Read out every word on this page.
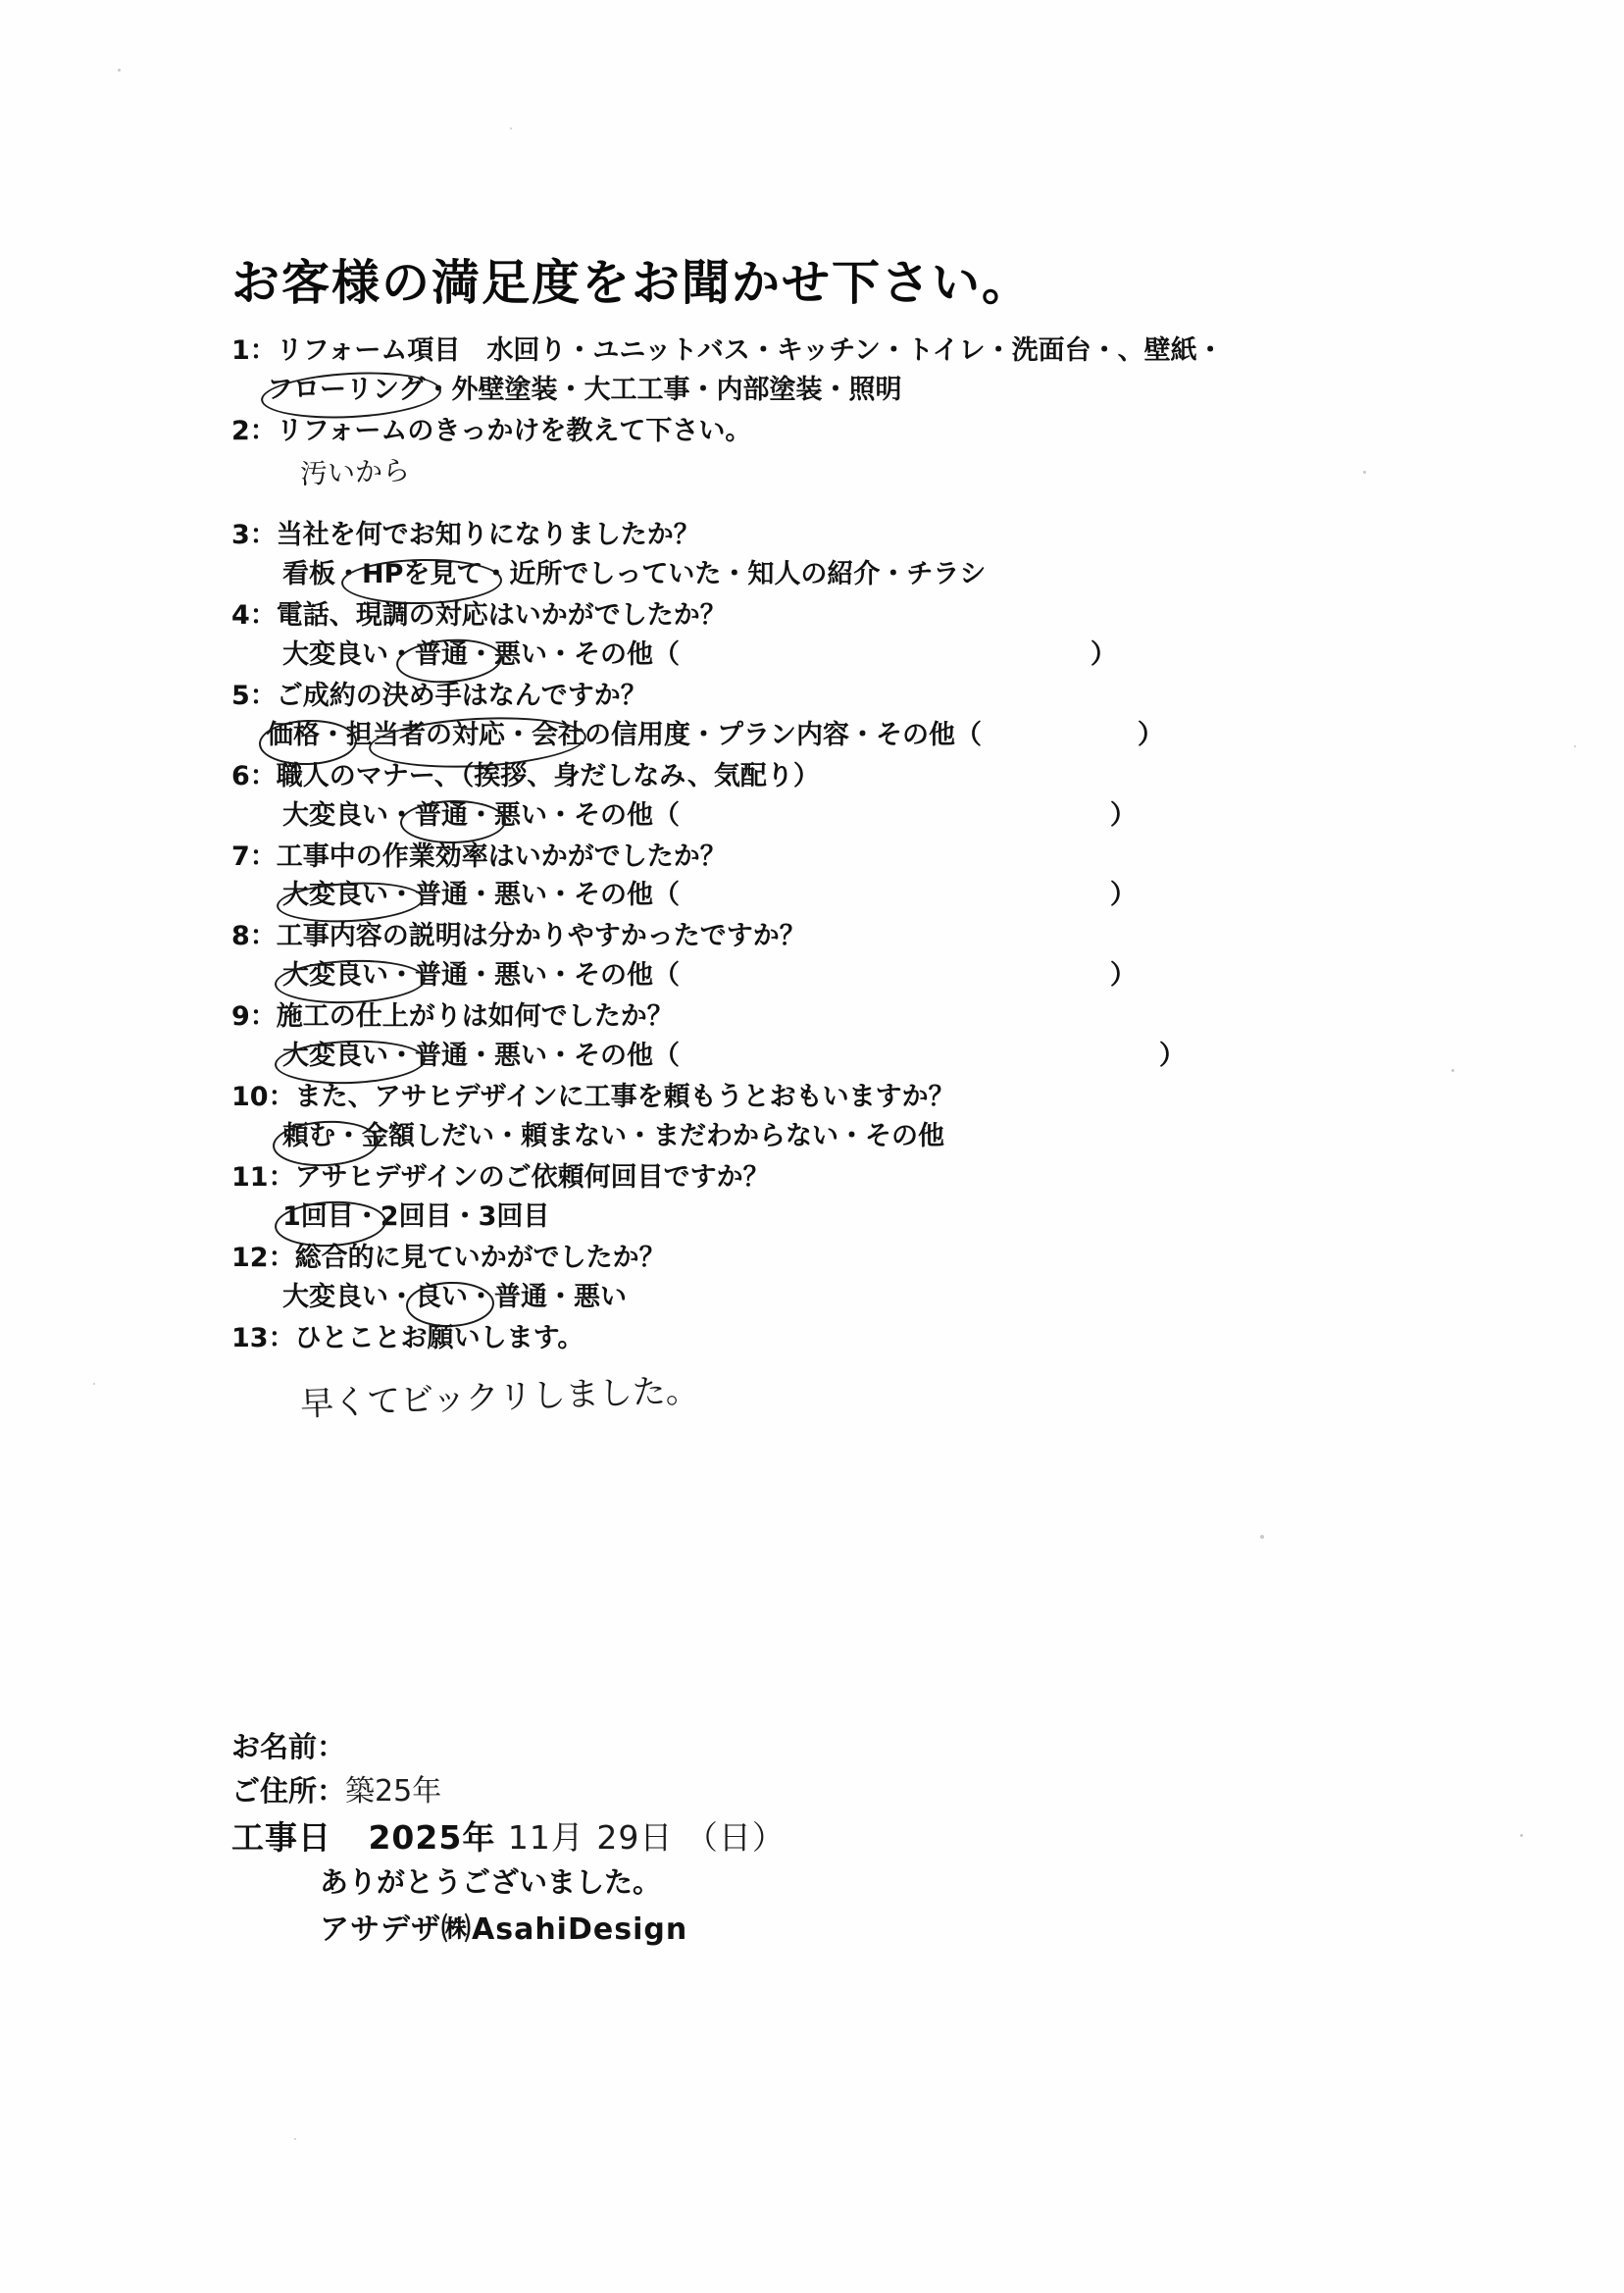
お客様の満足度をお聞かせ下さい。
1：リフォーム項目　水回り・ユニットバス・キッチン・トイレ・洗面台・、壁紙・
フローリング・外壁塗装・大工工事・内部塗装・照明
2：リフォームのきっかけを教えて下さい。
汚いから
3：当社を何でお知りになりましたか？
看板・HPを見て・近所でしっていた・知人の紹介・チラシ
4：電話、現調の対応はいかがでしたか？
大変良い・普通・悪い・その他（	）
5：ご成約の決め手はなんですか？
価格・担当者の対応・会社の信用度・プラン内容・その他（	）
6：職人のマナー、（挨拶、身だしなみ、気配り）
大変良い・普通・悪い・その他（	）
7：工事中の作業効率はいかがでしたか？
大変良い・普通・悪い・その他（	）
8：工事内容の説明は分かりやすかったですか？
大変良い・普通・悪い・その他（	）
9：施工の仕上がりは如何でしたか？
大変良い・普通・悪い・その他（	）
10：また、アサヒデザインに工事を頼もうとおもいますか？
頼む・金額しだい・頼まない・まだわからない・その他
11：アサヒデザインのご依頼何回目ですか？
1回目・2回目・3回目
12：総合的に見ていかがでしたか？
大変良い・良い・普通・悪い
13：ひとことお願いします。
早くてビックリしました。
お名前：
ご住所：築25年
工事日 2025年 11月 29日 （日）
ありがとうございました。
アサデザ㈱AsahiDesign
